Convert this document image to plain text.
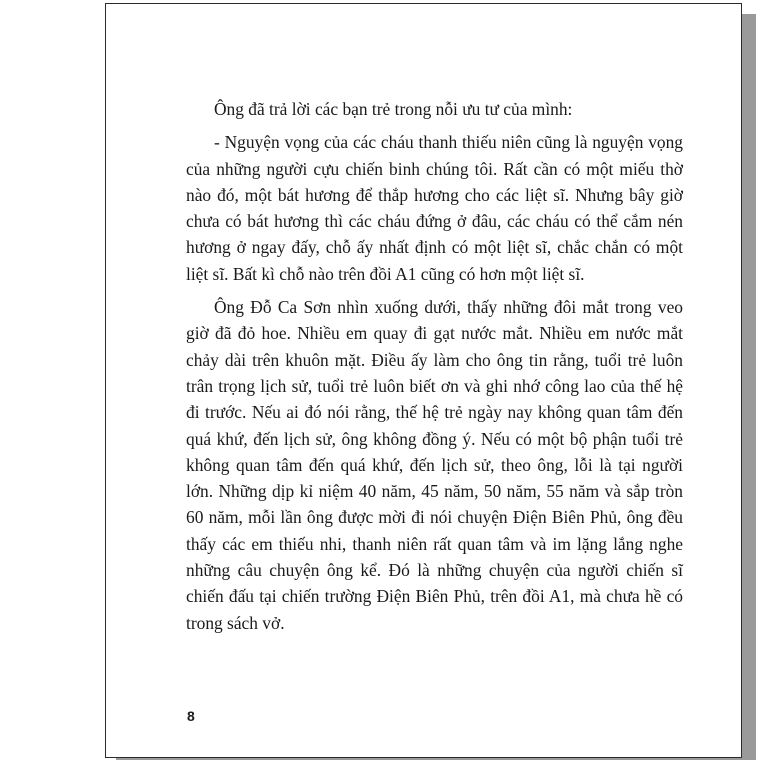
Ông đã trả lời các bạn trẻ trong nỗi ưu tư của mình:

- Nguyện vọng của các cháu thanh thiếu niên cũng là nguyện vọng của những người cựu chiến binh chúng tôi. Rất cần có một miếu thờ nào đó, một bát hương để thắp hương cho các liệt sĩ. Nhưng bây giờ chưa có bát hương thì các cháu đứng ở đâu, các cháu có thể cắm nén hương ở ngay đấy, chỗ ấy nhất định có một liệt sĩ, chắc chắn có một liệt sĩ. Bất kì chỗ nào trên đồi A1 cũng có hơn một liệt sĩ.

Ông Đỗ Ca Sơn nhìn xuống dưới, thấy những đôi mắt trong veo giờ đã đỏ hoe. Nhiều em quay đi gạt nước mắt. Nhiều em nước mắt chảy dài trên khuôn mặt. Điều ấy làm cho ông tin rằng, tuổi trẻ luôn trân trọng lịch sử, tuổi trẻ luôn biết ơn và ghi nhớ công lao của thế hệ đi trước. Nếu ai đó nói rằng, thế hệ trẻ ngày nay không quan tâm đến quá khứ, đến lịch sử, ông không đồng ý. Nếu có một bộ phận tuổi trẻ không quan tâm đến quá khứ, đến lịch sử, theo ông, lỗi là tại người lớn. Những dịp kỉ niệm 40 năm, 45 năm, 50 năm, 55 năm và sắp tròn 60 năm, mỗi lần ông được mời đi nói chuyện Điện Biên Phủ, ông đều thấy các em thiếu nhi, thanh niên rất quan tâm và im lặng lắng nghe những câu chuyện ông kể. Đó là những chuyện của người chiến sĩ chiến đấu tại chiến trường Điện Biên Phủ, trên đồi A1, mà chưa hề có trong sách vở.

8
